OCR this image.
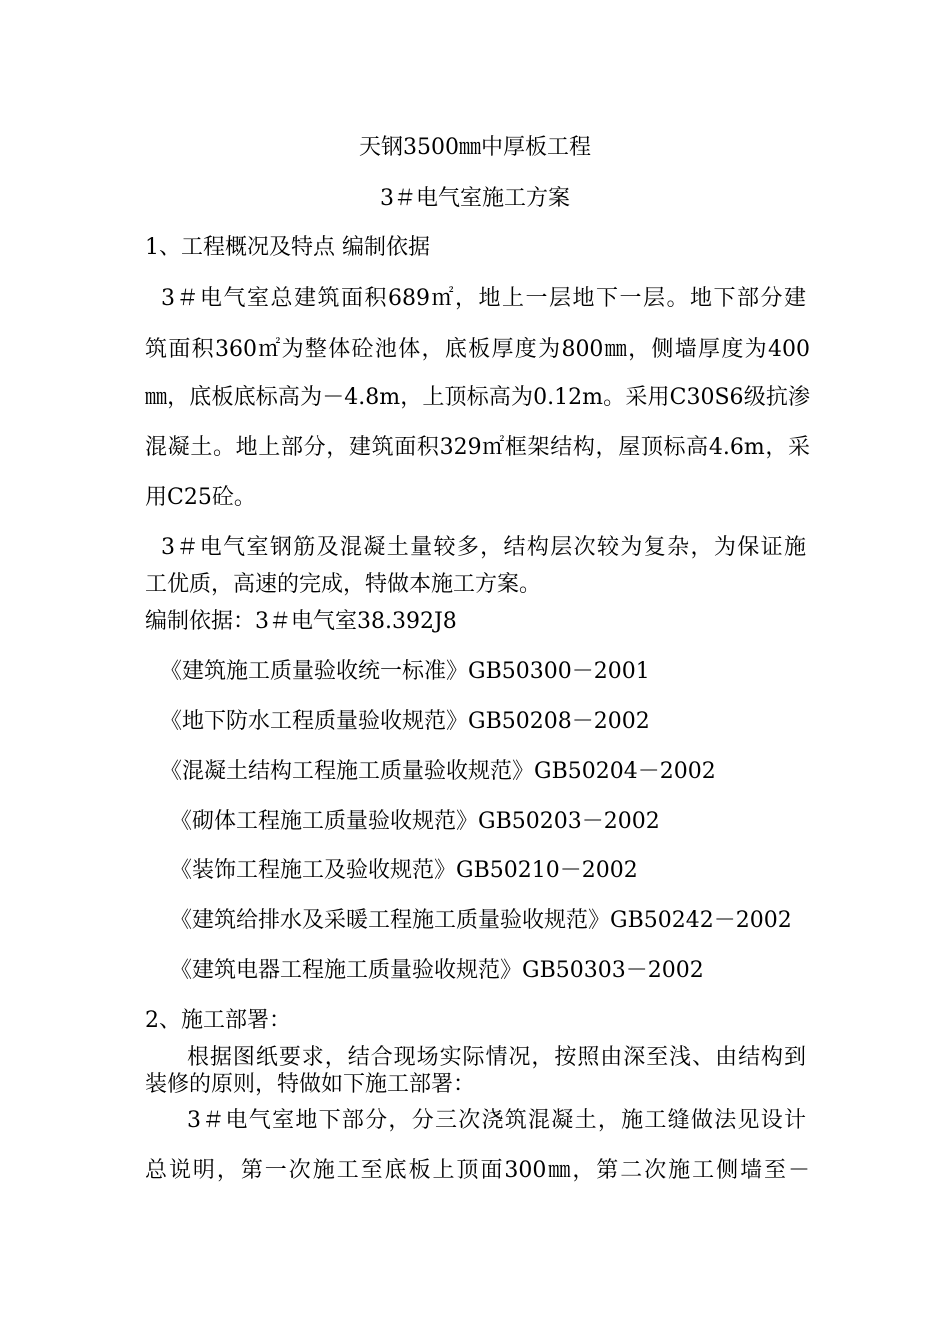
天钢3500㎜中厚板工程
3＃电气室施工方案
1、工程概况及特点 编制依据
3＃电气室总建筑面积689㎡，地上一层地下一层。地下部分建
筑面积360㎡为整体砼池体，底板厚度为800㎜，侧墙厚度为400
㎜，底板底标高为－4.8m，上顶标高为0.12m。采用C30S6级抗渗
混凝土。地上部分，建筑面积329㎡框架结构，屋顶标高4.6m，采
用C25砼。
3＃电气室钢筋及混凝土量较多，结构层次较为复杂，为保证施
工优质，高速的完成，特做本施工方案。
编制依据：3＃电气室38.392J8
《建筑施工质量验收统一标准》GB50300－2001
《地下防水工程质量验收规范》GB50208－2002
《混凝土结构工程施工质量验收规范》GB50204－2002
《砌体工程施工质量验收规范》GB50203－2002
《装饰工程施工及验收规范》GB50210－2002
《建筑给排水及采暖工程施工质量验收规范》GB50242－2002
《建筑电器工程施工质量验收规范》GB50303－2002
2、施工部署：
根据图纸要求，结合现场实际情况，按照由深至浅、由结构到
装修的原则，特做如下施工部署：
3＃电气室地下部分，分三次浇筑混凝土，施工缝做法见设计
总说明，第一次施工至底板上顶面300㎜，第二次施工侧墙至－
